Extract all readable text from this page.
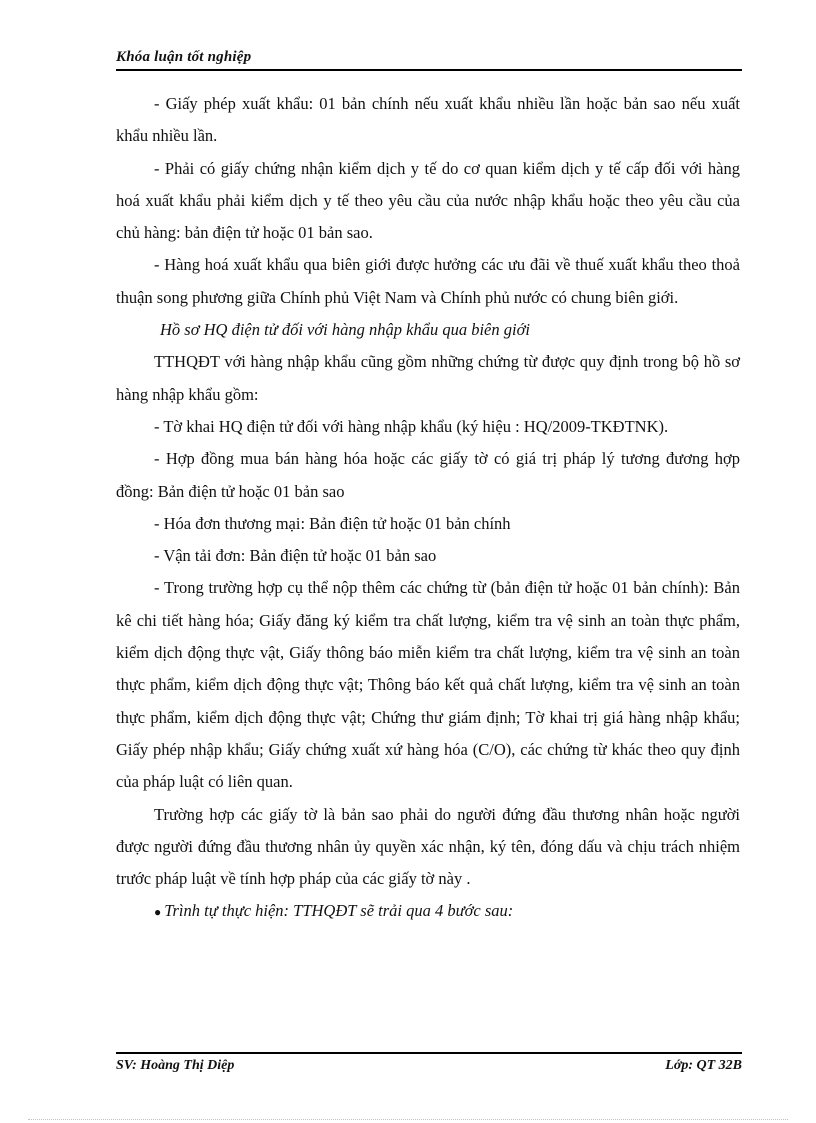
Khóa luận tốt nghiệp

- Giấy phép xuất khẩu: 01 bản chính nếu xuất khẩu nhiều lần hoặc bản sao nếu xuất khẩu nhiều lần.

- Phải có giấy chứng nhận kiểm dịch y tế do cơ quan kiểm dịch y tế cấp đối với hàng hoá xuất khẩu phải kiểm dịch y tế theo yêu cầu của nước nhập khẩu hoặc theo yêu cầu của chủ hàng: bản điện tử hoặc 01 bản sao.

- Hàng hoá xuất khẩu qua biên giới được hưởng các ưu đãi về thuế xuất khẩu theo thoả thuận song phương giữa Chính phủ Việt Nam và Chính phủ nước có chung biên giới.

Hồ sơ HQ điện tử đối với hàng nhập khẩu qua biên giới

TTHQĐT với hàng nhập khẩu cũng gồm những chứng từ được quy định trong bộ hồ sơ hàng nhập khẩu gồm:

- Tờ khai HQ điện tử đối với hàng nhập khẩu (ký hiệu : HQ/2009-TKĐTNK).

- Hợp đồng mua bán hàng hóa hoặc các giấy tờ có giá trị pháp lý tương đương hợp đồng: Bản điện tử hoặc 01 bản sao

- Hóa đơn thương mại: Bản điện tử hoặc 01 bản chính

- Vận tải đơn: Bản điện tử hoặc 01 bản sao

- Trong trường hợp cụ thể nộp thêm các chứng từ (bản điện tử hoặc 01 bản chính): Bản kê chi tiết hàng hóa; Giấy đăng ký kiểm tra chất lượng, kiểm tra vệ sinh an toàn thực phẩm, kiểm dịch động thực vật, Giấy thông báo miễn kiểm tra chất lượng, kiểm tra vệ sinh an toàn thực phẩm, kiểm dịch động thực vật; Thông báo kết quả chất lượng, kiểm tra vệ sinh an toàn thực phẩm, kiểm dịch động thực vật; Chứng thư giám định; Tờ khai trị giá hàng nhập khẩu; Giấy phép nhập khẩu; Giấy chứng xuất xứ hàng hóa (C/O), các chứng từ khác theo quy định của pháp luật có liên quan.

Trường hợp các giấy tờ là bản sao phải do người đứng đầu thương nhân hoặc người được người đứng đầu thương nhân ủy quyền xác nhận, ký tên, đóng dấu và chịu trách nhiệm trước pháp luật về tính hợp pháp của các giấy tờ này .

● Trình tự thực hiện: TTHQĐT sẽ trải qua 4 bước sau:

SV: Hoàng Thị Diệp	Lớp: QT 32B
